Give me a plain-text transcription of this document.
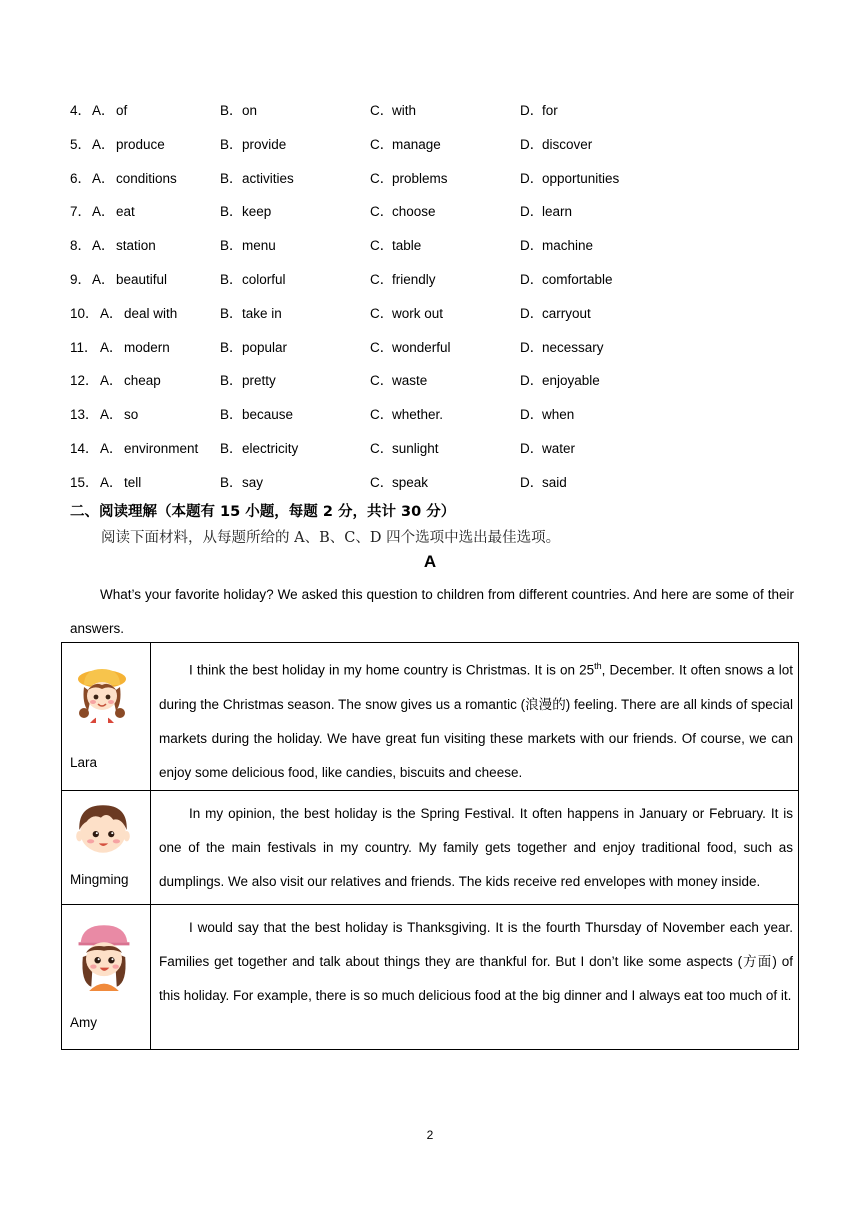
4． A．of	B．on	C．with	D．for
5． A．produce	B．provide	C．manage	D．discover
6． A．conditions	B．activities	C．problems	D．opportunities
7． A．eat	B．keep	C．choose	D．learn
8． A．station	B．menu	C．table	D．machine
9． A．beautiful	B．colorful	C．friendly	D．comfortable
10． A．deal with	B．take in	C．work out	D．carryout
11． A．modern	B．popular	C．wonderful	D．necessary
12． A．cheap	B．pretty	C．waste	D．enjoyable
13． A．so	B．because	C．whether.	D．when
14． A．environment B．electricity	C．sunlight	D．water
15． A．tell	B．say	C．speak	D．said
二、阅读理解（本题有 15 小题，每题 2 分，共计 30 分）
阅读下面材料，从每题所给的 A、B、C、D 四个选项中选出最佳选项。
A
What’s your favorite holiday? We asked this question to children from different countries. And here are some of their answers.
Lara

I think the best holiday in my home country is Christmas. It is on 25th, December. It often snows a lot during the Christmas season. The snow gives us a romantic (浪漫的) feeling. There are all kinds of special markets during the holiday. We have great fun visiting these markets with our friends. Of course, we can enjoy some delicious food, like candies, biscuits and cheese.

Mingming

In my opinion, the best holiday is the Spring Festival. It often happens in January or February. It is one of the main festivals in my country. My family gets together and enjoy traditional food, such as dumplings. We also visit our relatives and friends. The kids receive red envelopes with money inside.

Amy

I would say that the best holiday is Thanksgiving. It is the fourth Thursday of November each year. Families get together and talk about things they are thankful for. But I don’t like some aspects (方面) of this holiday. For example, there is so much delicious food at the big dinner and I always eat too much of it.

2
